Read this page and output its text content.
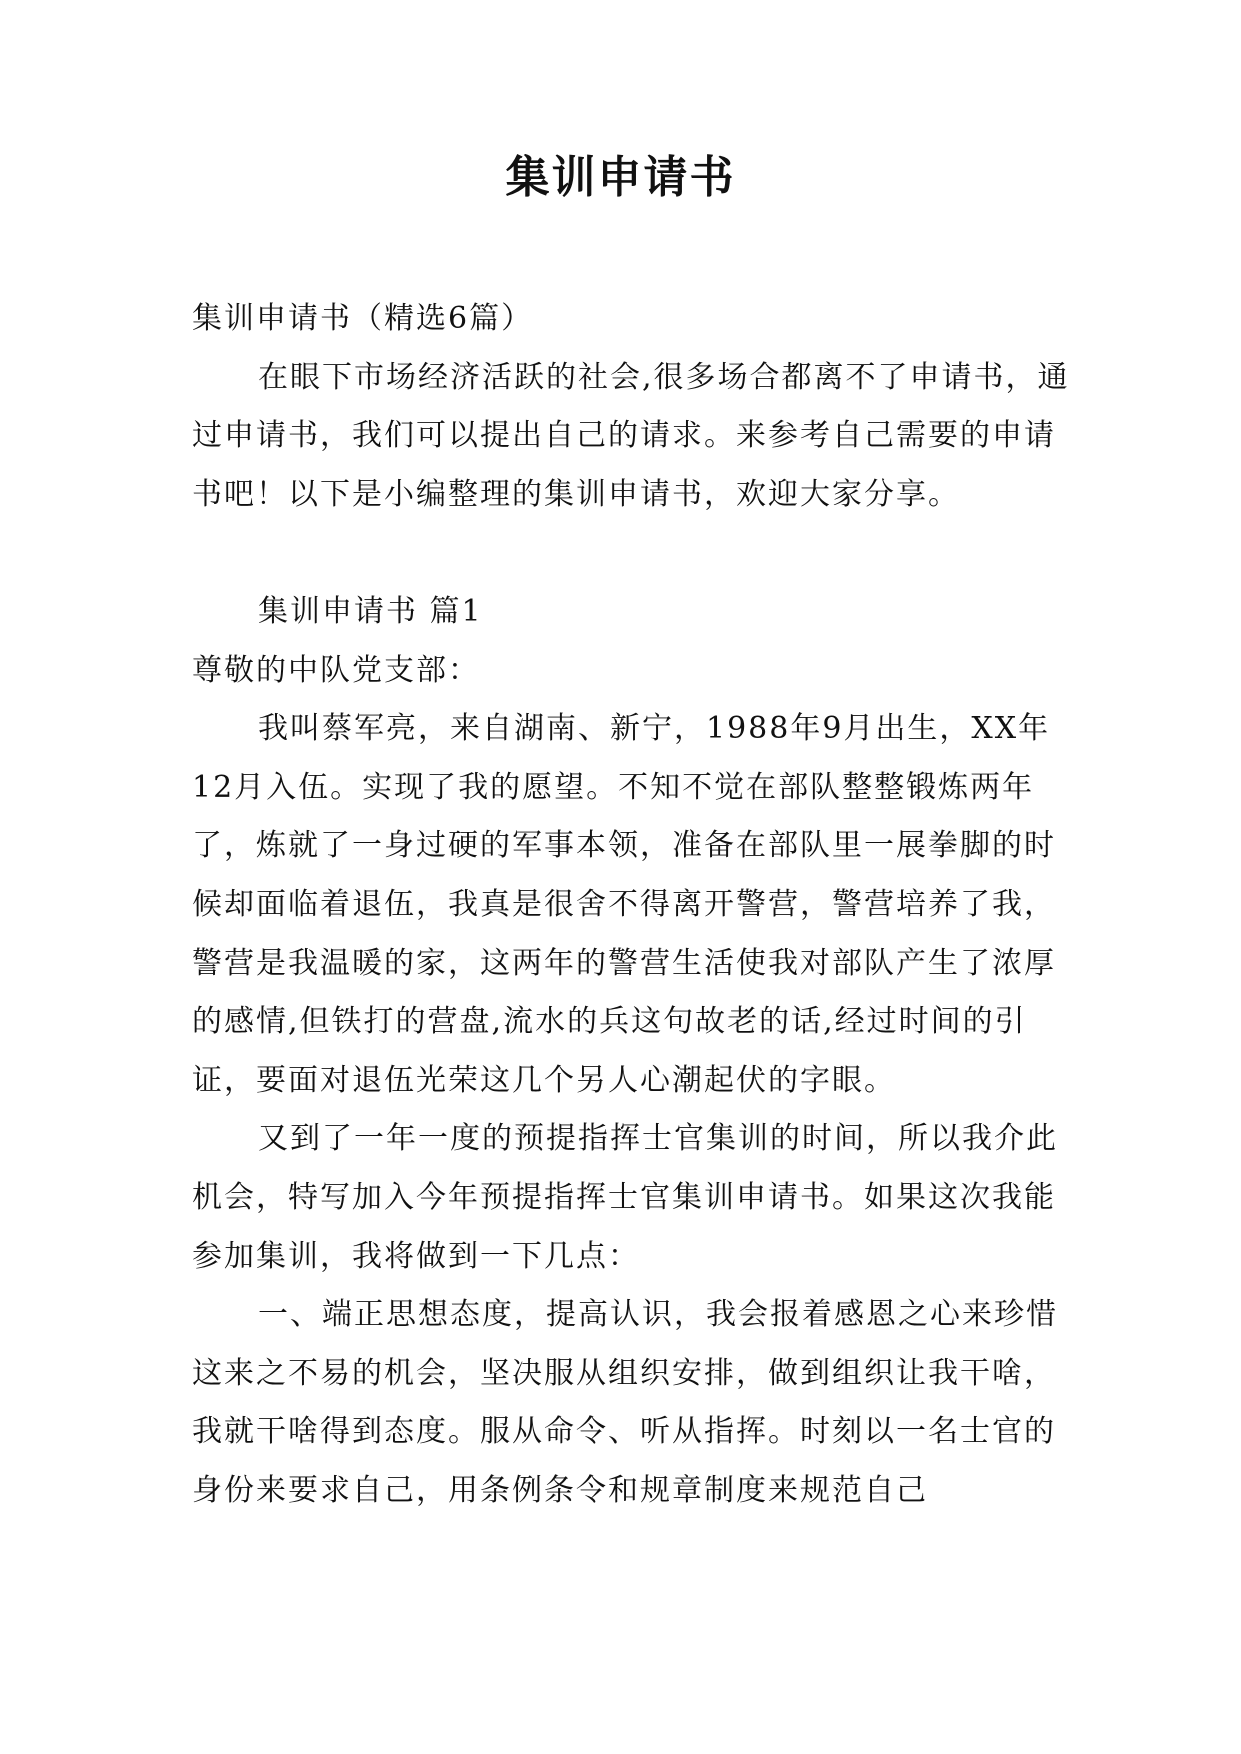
集训申请书

集训申请书（精选6篇）

在眼下市场经济活跃的社会,很多场合都离不了申请书，通过申请书，我们可以提出自己的请求。来参考自己需要的申请书吧！以下是小编整理的集训申请书，欢迎大家分享。

集训申请书 篇1

尊敬的中队党支部：

我叫蔡军亮，来自湖南、新宁，1988年9月出生，XX年12月入伍。实现了我的愿望。不知不觉在部队整整锻炼两年了，炼就了一身过硬的军事本领，准备在部队里一展拳脚的时候却面临着退伍，我真是很舍不得离开警营，警营培养了我，警营是我温暖的家，这两年的警营生活使我对部队产生了浓厚的感情,但铁打的营盘,流水的兵这句故老的话,经过时间的引证，要面对退伍光荣这几个另人心潮起伏的字眼。

又到了一年一度的预提指挥士官集训的时间，所以我介此机会，特写加入今年预提指挥士官集训申请书。如果这次我能参加集训，我将做到一下几点：

一、端正思想态度，提高认识，我会报着感恩之心来珍惜这来之不易的机会，坚决服从组织安排，做到组织让我干啥，我就干啥得到态度。服从命令、听从指挥。时刻以一名士官的身份来要求自己，用条例条令和规章制度来规范自己
